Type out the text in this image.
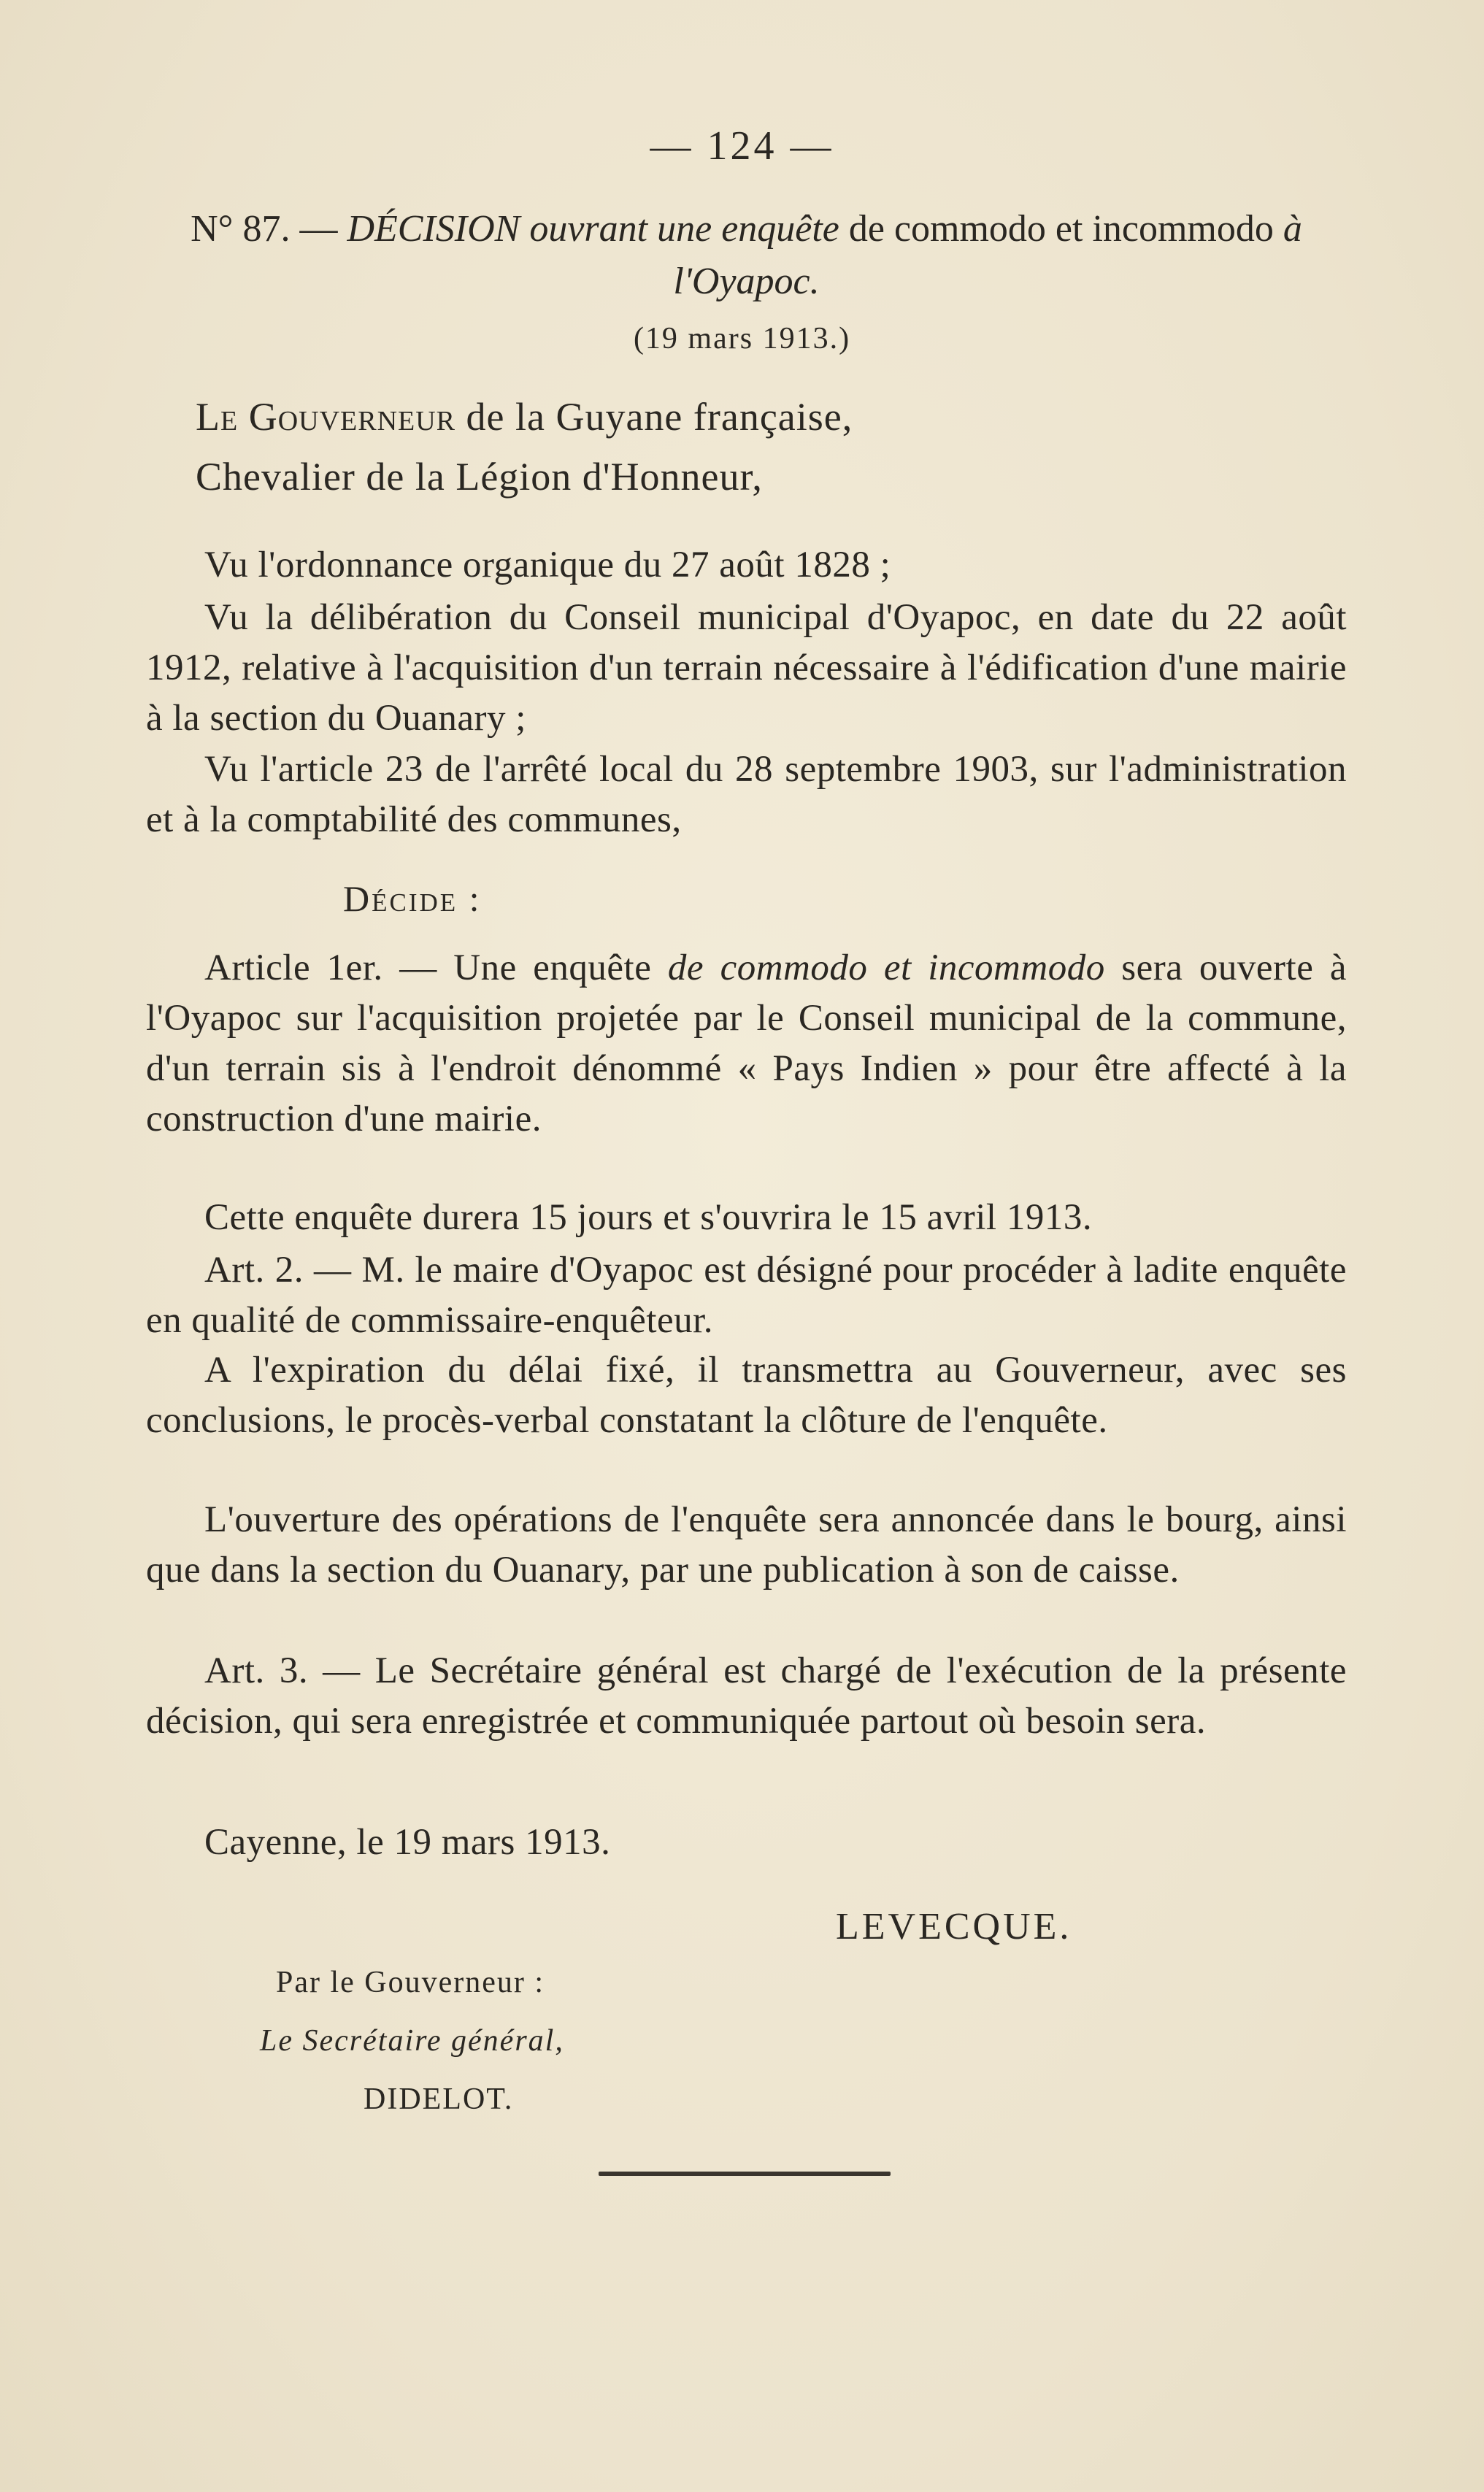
— 124 —
N° 87. — DÉCISION ouvrant une enquête de commodo et incommodo à l'Oyapoc.
(19 mars 1913.)
Le Gouverneur de la Guyane française,
Chevalier de la Légion d'Honneur,
Vu l'ordonnance organique du 27 août 1828 ;
Vu la délibération du Conseil municipal d'Oyapoc, en date du 22 août 1912, relative à l'acquisition d'un terrain nécessaire à l'édification d'une mairie à la section du Ouanary ;
Vu l'article 23 de l'arrêté local du 28 septembre 1903, sur l'administration et à la comptabilité des communes,
Décide :
Article 1er. — Une enquête de commodo et incommodo sera ouverte à l'Oyapoc sur l'acquisition projetée par le Conseil municipal de la commune, d'un terrain sis à l'endroit dénommé « Pays Indien » pour être affecté à la construction d'une mairie.
Cette enquête durera 15 jours et s'ouvrira le 15 avril 1913.
Art. 2. — M. le maire d'Oyapoc est désigné pour procéder à ladite enquête en qualité de commissaire-enquêteur.
A l'expiration du délai fixé, il transmettra au Gouverneur, avec ses conclusions, le procès-verbal constatant la clôture de l'enquête.
L'ouverture des opérations de l'enquête sera annoncée dans le bourg, ainsi que dans la section du Ouanary, par une publication à son de caisse.
Art. 3. — Le Secrétaire général est chargé de l'exécution de la présente décision, qui sera enregistrée et communiquée partout où besoin sera.
Cayenne, le 19 mars 1913.
LEVECQUE.
Par le Gouverneur :
Le Secrétaire général,
DIDELOT.
